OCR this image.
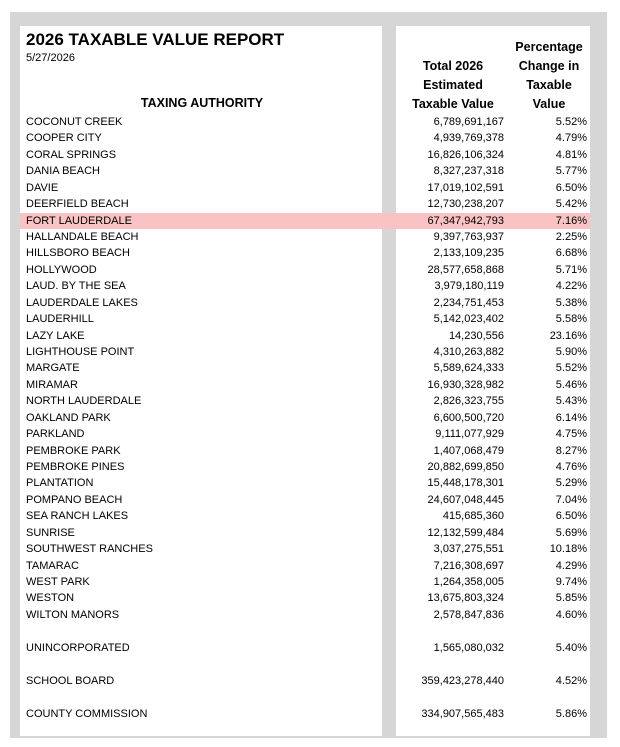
2026 TAXABLE VALUE REPORT
5/27/2026
TAXING AUTHORITY
Total 2026
Estimated
Taxable Value
Percentage
Change in
Taxable
Value
COCONUT CREEK	6,789,691,167	5.52%
COOPER CITY	4,939,769,378	4.79%
CORAL SPRINGS	16,826,106,324	4.81%
DANIA BEACH	8,327,237,318	5.77%
DAVIE	17,019,102,591	6.50%
DEERFIELD BEACH	12,730,238,207	5.42%
FORT LAUDERDALE	67,347,942,793	7.16%
HALLANDALE BEACH	9,397,763,937	2.25%
HILLSBORO BEACH	2,133,109,235	6.68%
HOLLYWOOD	28,577,658,868	5.71%
LAUD. BY THE SEA	3,979,180,119	4.22%
LAUDERDALE LAKES	2,234,751,453	5.38%
LAUDERHILL	5,142,023,402	5.58%
LAZY LAKE	14,230,556	23.16%
LIGHTHOUSE POINT	4,310,263,882	5.90%
MARGATE	5,589,624,333	5.52%
MIRAMAR	16,930,328,982	5.46%
NORTH LAUDERDALE	2,826,323,755	5.43%
OAKLAND PARK	6,600,500,720	6.14%
PARKLAND	9,111,077,929	4.75%
PEMBROKE PARK	1,407,068,479	8.27%
PEMBROKE PINES	20,882,699,850	4.76%
PLANTATION	15,448,178,301	5.29%
POMPANO BEACH	24,607,048,445	7.04%
SEA RANCH LAKES	415,685,360	6.50%
SUNRISE	12,132,599,484	5.69%
SOUTHWEST RANCHES	3,037,275,551	10.18%
TAMARAC	7,216,308,697	4.29%
WEST PARK	1,264,358,005	9.74%
WESTON	13,675,803,324	5.85%
WILTON MANORS	2,578,847,836	4.60%
UNINCORPORATED	1,565,080,032	5.40%
SCHOOL BOARD	359,423,278,440	4.52%
COUNTY COMMISSION	334,907,565,483	5.86%
